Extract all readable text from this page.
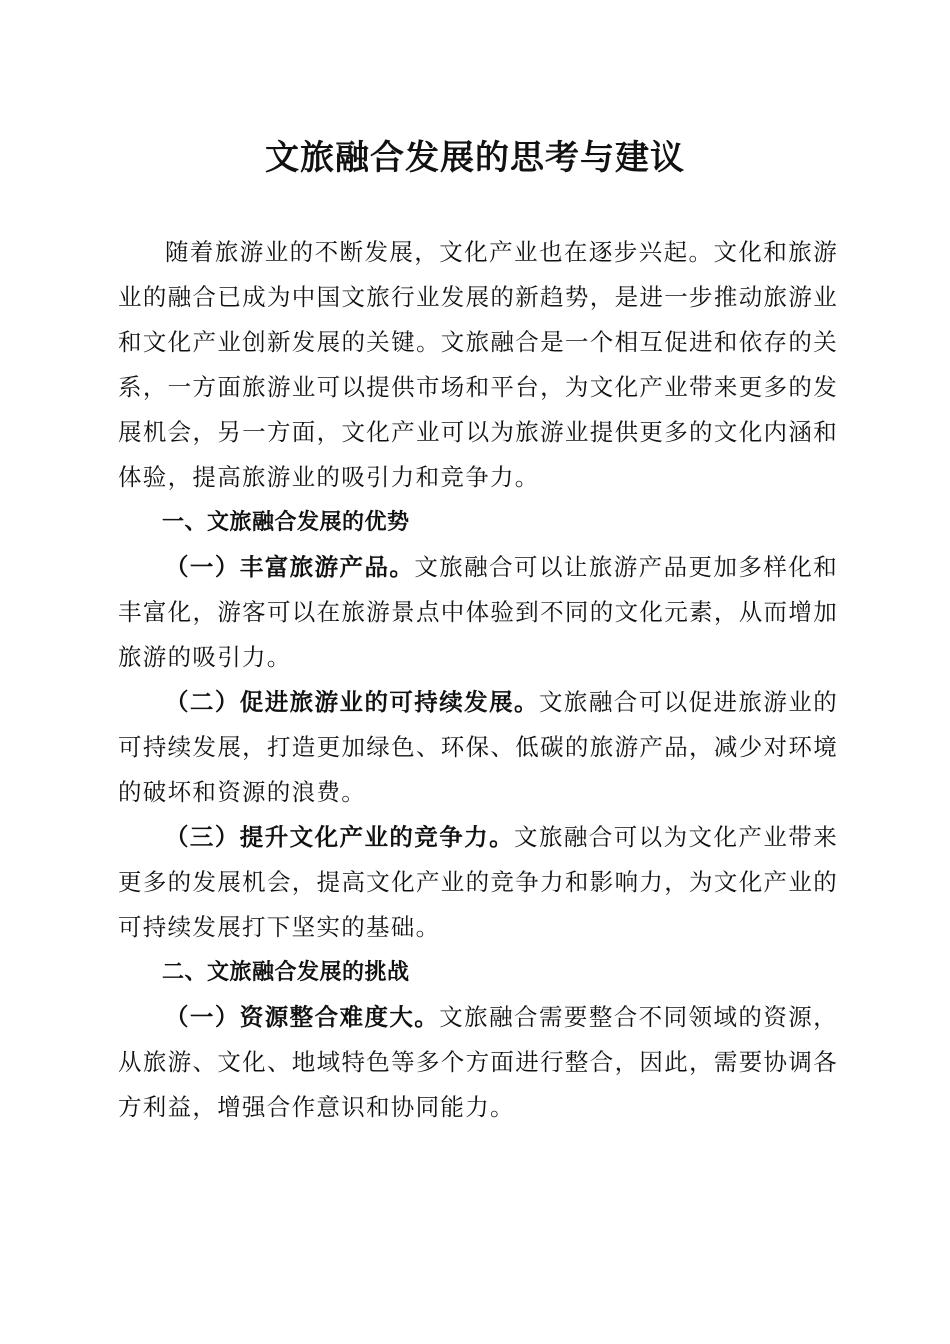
文旅融合发展的思考与建议

随着旅游业的不断发展，文化产业也在逐步兴起。文化和旅游业的融合已成为中国文旅行业发展的新趋势，是进一步推动旅游业和文化产业创新发展的关键。文旅融合是一个相互促进和依存的关系，一方面旅游业可以提供市场和平台，为文化产业带来更多的发展机会，另一方面，文化产业可以为旅游业提供更多的文化内涵和体验，提高旅游业的吸引力和竞争力。

一、文旅融合发展的优势

（一）丰富旅游产品。文旅融合可以让旅游产品更加多样化和丰富化，游客可以在旅游景点中体验到不同的文化元素，从而增加旅游的吸引力。

（二）促进旅游业的可持续发展。文旅融合可以促进旅游业的可持续发展，打造更加绿色、环保、低碳的旅游产品，减少对环境的破坏和资源的浪费。

（三）提升文化产业的竞争力。文旅融合可以为文化产业带来更多的发展机会，提高文化产业的竞争力和影响力，为文化产业的可持续发展打下坚实的基础。

二、文旅融合发展的挑战

（一）资源整合难度大。文旅融合需要整合不同领域的资源，从旅游、文化、地域特色等多个方面进行整合，因此，需要协调各方利益，增强合作意识和协同能力。
